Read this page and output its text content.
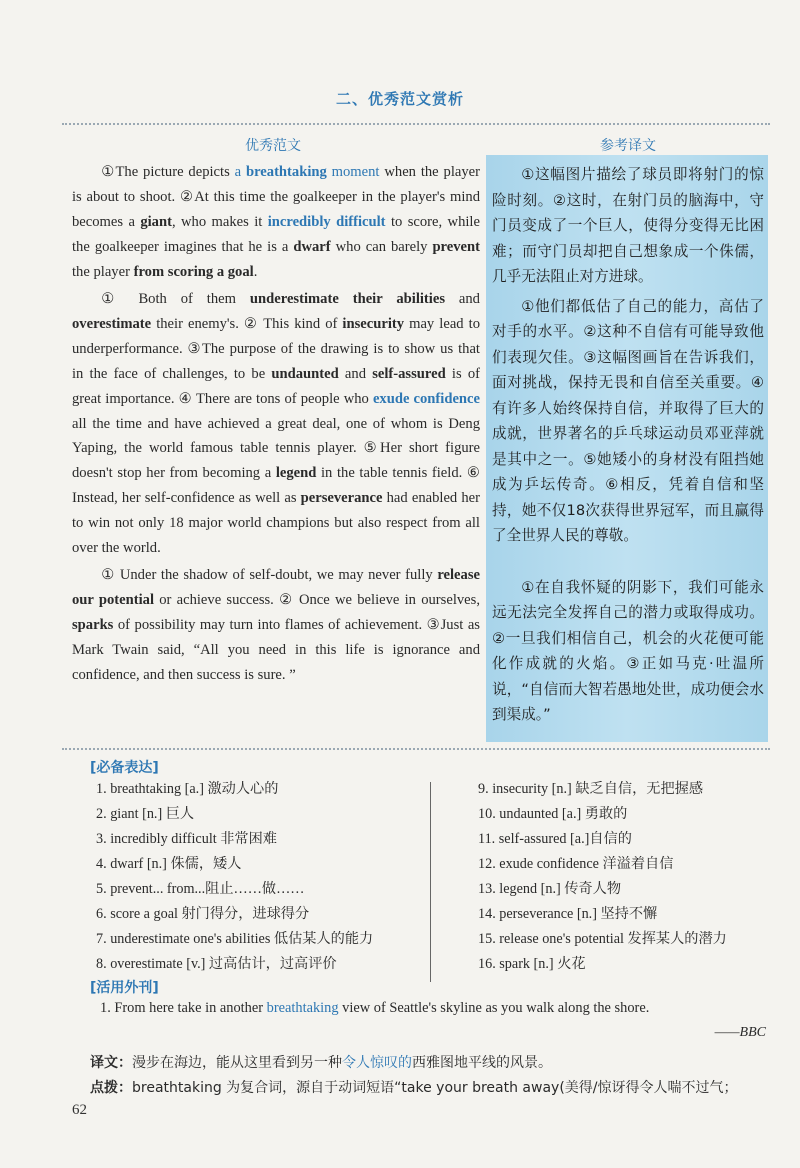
二、优秀范文赏析
优秀范文	参考译文

①The picture depicts a breathtaking moment when the player is about to shoot. ②At this time the goalkeeper in the player's mind becomes a giant, who makes it incredibly difficult to score, while the goalkeeper imagines that he is a dwarf who can barely prevent the player from scoring a goal.

① Both of them underestimate their abilities and overestimate their enemy's. ② This kind of insecurity may lead to underperformance. ③The purpose of the drawing is to show us that in the face of challenges, to be undaunted and self-assured is of great importance. ④ There are tons of people who exude confidence all the time and have achieved a great deal, one of whom is Deng Yaping, the world famous table tennis player. ⑤Her short figure doesn't stop her from becoming a legend in the table tennis field. ⑥ Instead, her self-confidence as well as perseverance had enabled her to win not only 18 major world champions but also respect from all over the world.

① Under the shadow of self-doubt, we may never fully release our potential or achieve success. ② Once we believe in ourselves, sparks of possibility may turn into flames of achievement. ③Just as Mark Twain said, “All you need in this life is ignorance and confidence, and then success is sure. ”

①这幅图片描绘了球员即将射门的惊险时刻。②这时，在射门员的脑海中，守门员变成了一个巨人，使得分变得无比困难；而守门员却把自己想象成一个侏儒，几乎无法阻止对方进球。

①他们都低估了自己的能力，高估了对手的水平。②这种不自信有可能导致他们表现欠佳。③这幅图画旨在告诉我们，面对挑战，保持无畏和自信至关重要。④有许多人始终保持自信，并取得了巨大的成就，世界著名的乒乓球运动员邓亚萍就是其中之一。⑤她矮小的身材没有阻挡她成为乒坛传奇。⑥相反，凭着自信和坚持，她不仅18次获得世界冠军，而且赢得了全世界人民的尊敬。

①在自我怀疑的阴影下，我们可能永远无法完全发挥自己的潜力或取得成功。②一旦我们相信自己，机会的火花便可能化作成就的火焰。③正如马克·吐温所说，“自信而大智若愚地处世，成功便会水到渠成。”

[必备表达]
1. breathtaking [a.] 激动人心的
2. giant [n.] 巨人
3. incredibly difficult 非常困难
4. dwarf [n.] 侏儒，矮人
5. prevent... from...阻止……做……
6. score a goal 射门得分，进球得分
7. underestimate one's abilities 低估某人的能力
8. overestimate [v.] 过高估计，过高评价
9. insecurity [n.] 缺乏自信，无把握感
10. undaunted [a.] 勇敢的
11. self-assured [a.]自信的
12. exude confidence 洋溢着自信
13. legend [n.] 传奇人物
14. perseverance [n.] 坚持不懈
15. release one's potential 发挥某人的潜力
16. spark [n.] 火花
[活用外刊]
1. From here take in another breathtaking view of Seattle's skyline as you walk along the shore.
——BBC
译文：漫步在海边，能从这里看到另一种令人惊叹的西雅图地平线的风景。
点拨：breathtaking 为复合词，源自于动词短语“take your breath away(美得/惊讶得令人喘不过气；
62
